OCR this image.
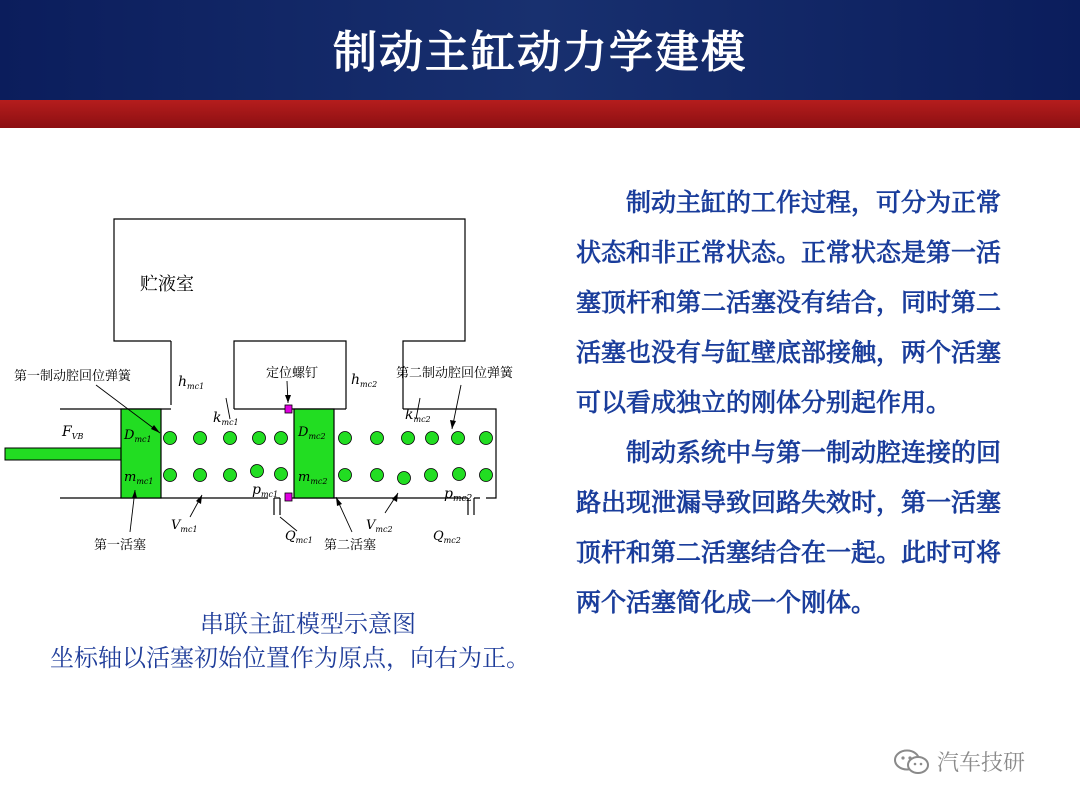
制动主缸动力学建模
贮液室
第一制动腔回位弹簧	第二制动腔回位弹簧
定位螺钉
第一活塞	第二活塞
$F_{VB}$
$h_{mc1}$	$h_{mc2}$
$k_{mc1}$	$k_{mc2}$
$D_{mc1}$	$D_{mc2}$
$m_{mc1}$	$m_{mc2}$
$p_{mc1}$	$p_{mc2}$
$V_{mc1}$	$V_{mc2}$
$Q_{mc1}$	$Q_{mc2}$
串联主缸模型示意图
坐标轴以活塞初始位置作为原点，向右为正。

制动主缸的工作过程，可分为正常状态和非正常状态。正常状态是第一活塞顶杆和第二活塞没有结合，同时第二活塞也没有与缸壁底部接触，两个活塞可以看成独立的刚体分别起作用。

制动系统中与第一制动腔连接的回路出现泄漏导致回路失效时，第一活塞顶杆和第二活塞结合在一起。此时可将两个活塞简化成一个刚体。

汽车技研
